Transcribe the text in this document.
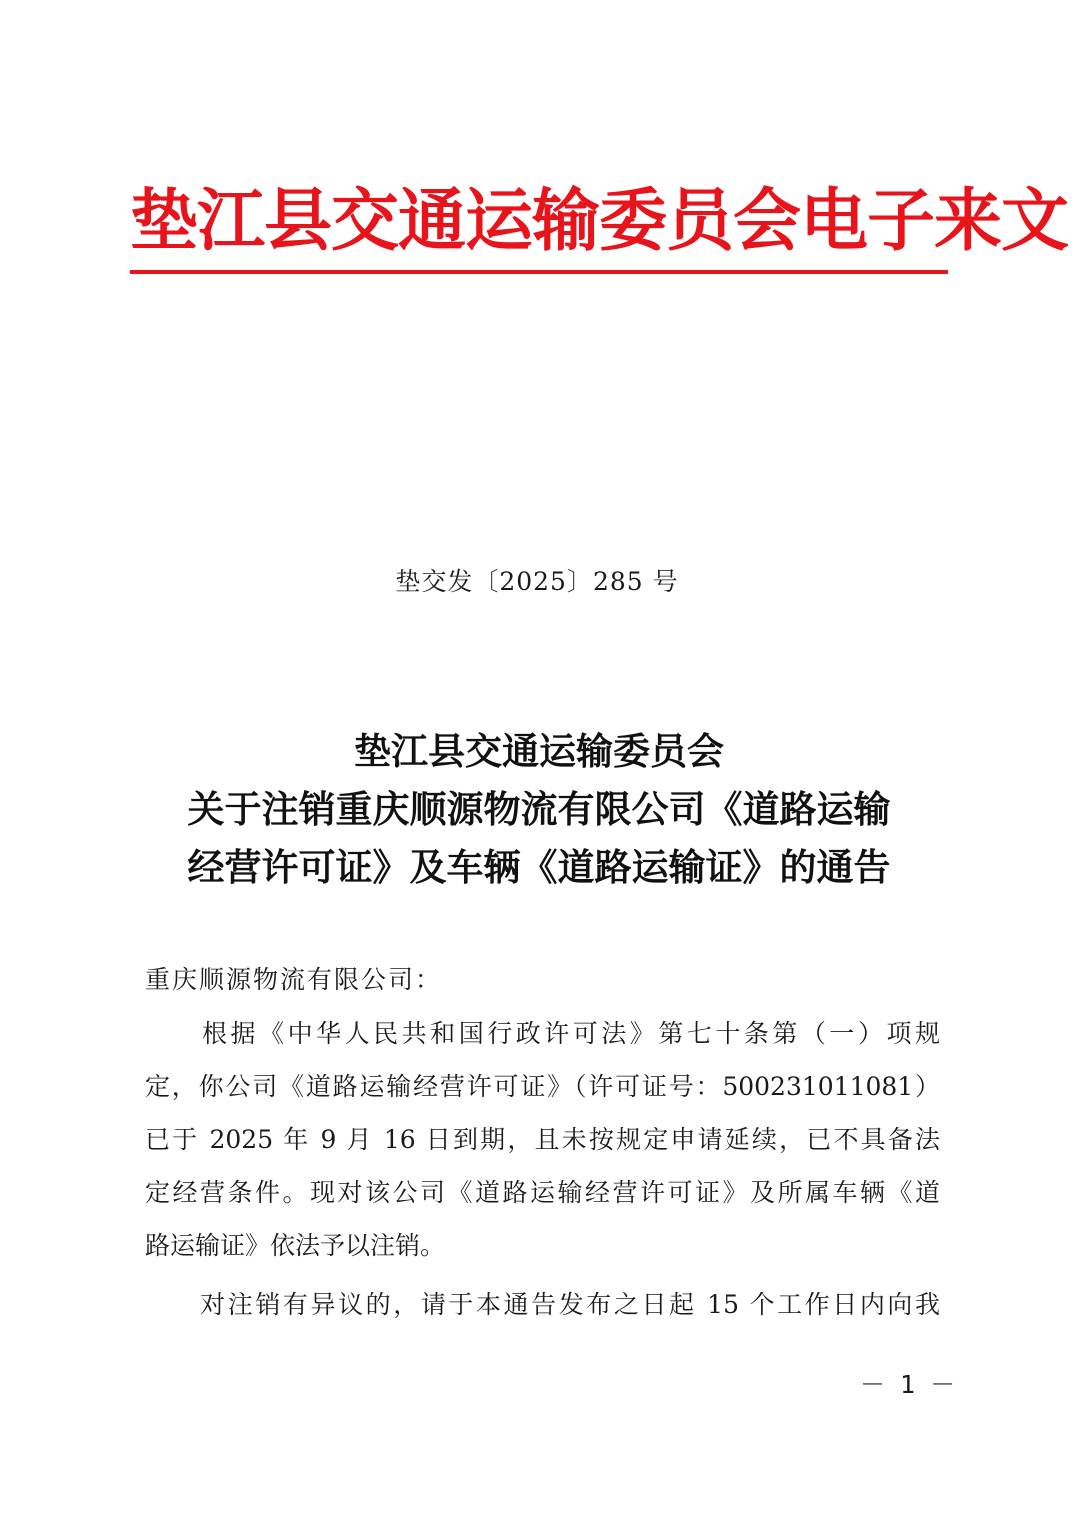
垫江县交通运输委员会电子来文
垫交发〔2025〕285 号
垫江县交通运输委员会
关于注销重庆顺源物流有限公司《道路运输
经营许可证》及车辆《道路运输证》的通告
重庆顺源物流有限公司：
　　根据《中华人民共和国行政许可法》第七十条第（一）项规
定，你公司《道路运输经营许可证》（许可证号：500231011081）
已于 2025 年 9 月 16 日到期，且未按规定申请延续，已不具备法
定经营条件。现对该公司《道路运输经营许可证》及所属车辆《道
路运输证》依法予以注销。
　　对注销有异议的，请于本通告发布之日起 15 个工作日内向我
－ 1 －
